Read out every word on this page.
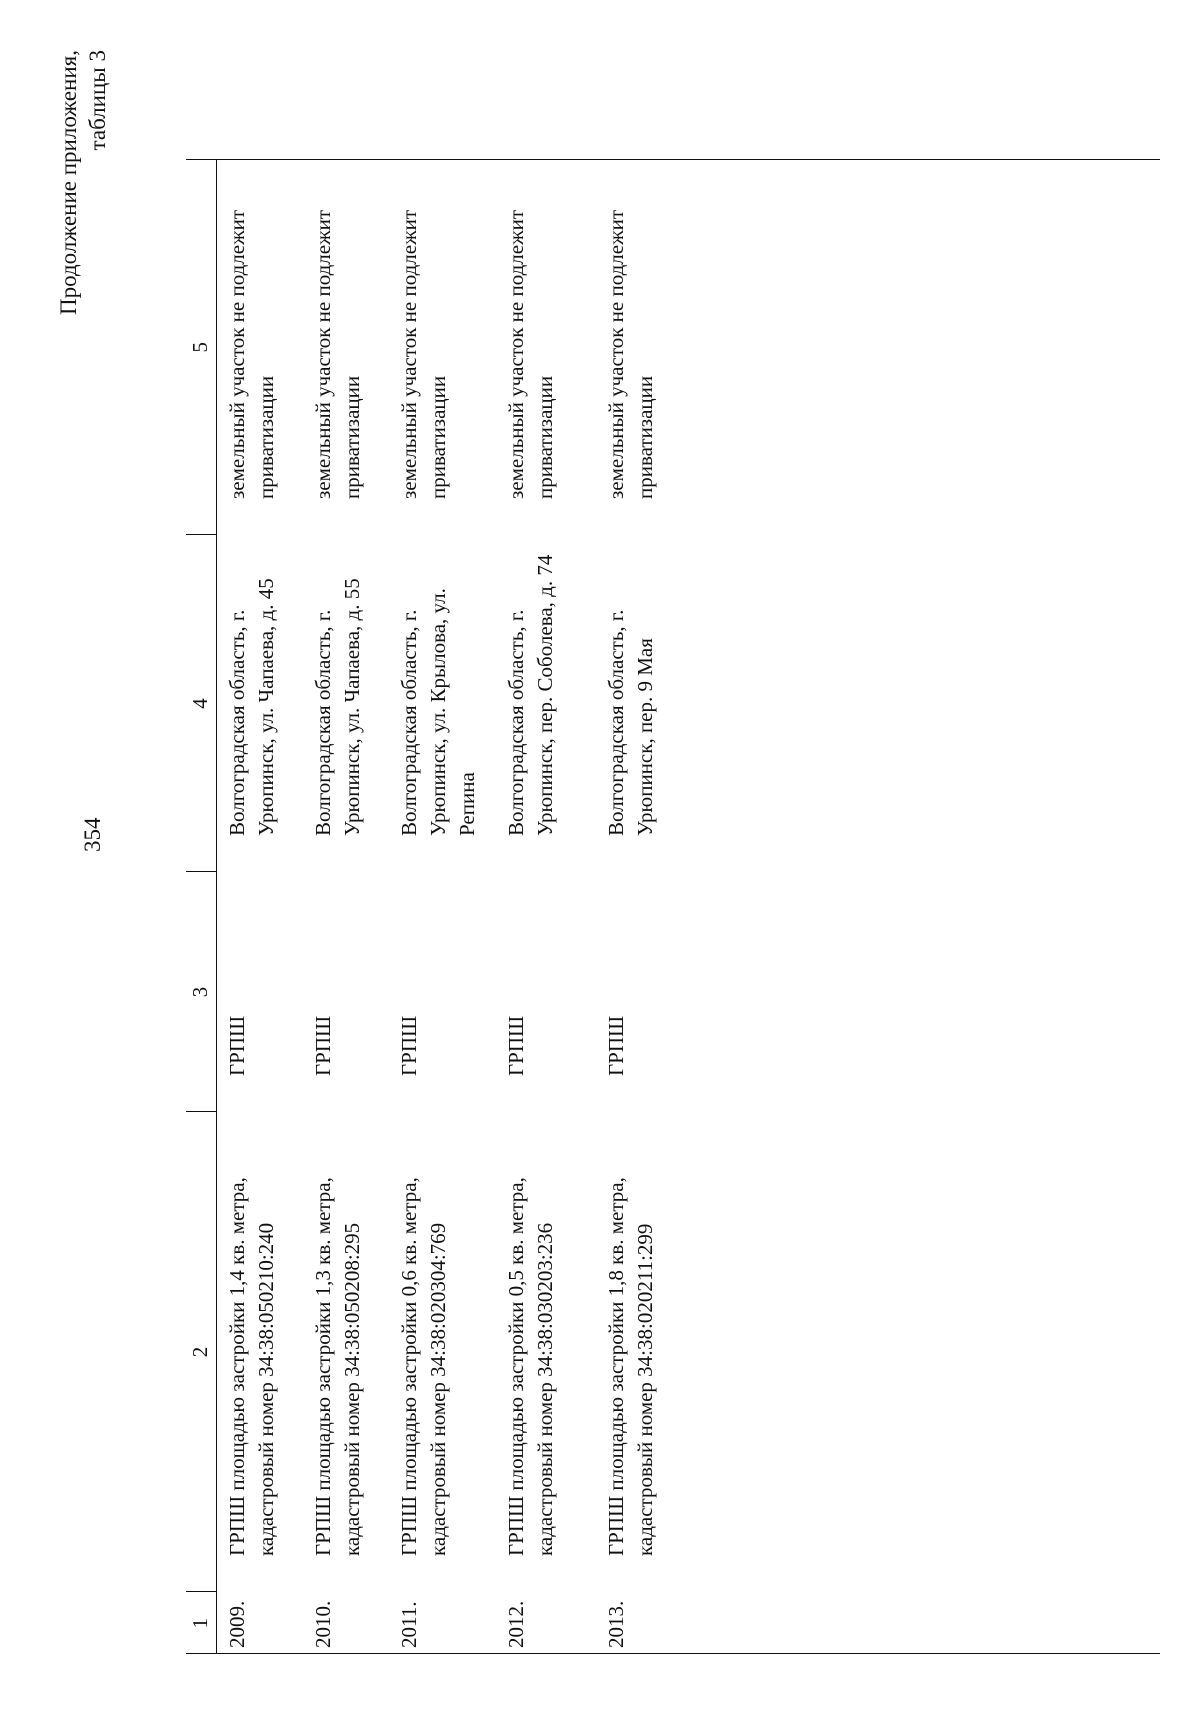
354
Продолжение приложения, таблицы 3
1	2	3	4	5
2009.	ГРПШ площадью застройки 1,4 кв. метра, кадастровый номер 34:38:050210:240	ГРПШ	Волгоградская область, г. Урюпинск, ул. Чапаева, д. 45	земельный участок не подлежит приватизации
2010.	ГРПШ площадью застройки 1,3 кв. метра, кадастровый номер 34:38:050208:295	ГРПШ	Волгоградская область, г. Урюпинск, ул. Чапаева, д. 55	земельный участок не подлежит приватизации
2011.	ГРПШ площадью застройки 0,6 кв. метра, кадастровый номер 34:38:020304:769	ГРПШ	Волгоградская область, г. Урюпинск, ул. Крылова, ул. Репина	земельный участок не подлежит приватизации
2012.	ГРПШ площадью застройки 0,5 кв. метра, кадастровый номер 34:38:030203:236	ГРПШ	Волгоградская область, г. Урюпинск, пер. Соболева, д. 74	земельный участок не подлежит приватизации
2013.	ГРПШ площадью застройки 1,8 кв. метра, кадастровый номер 34:38:020211:299	ГРПШ	Волгоградская область, г. Урюпинск, пер. 9 Мая	земельный участок не подлежит приватизации
